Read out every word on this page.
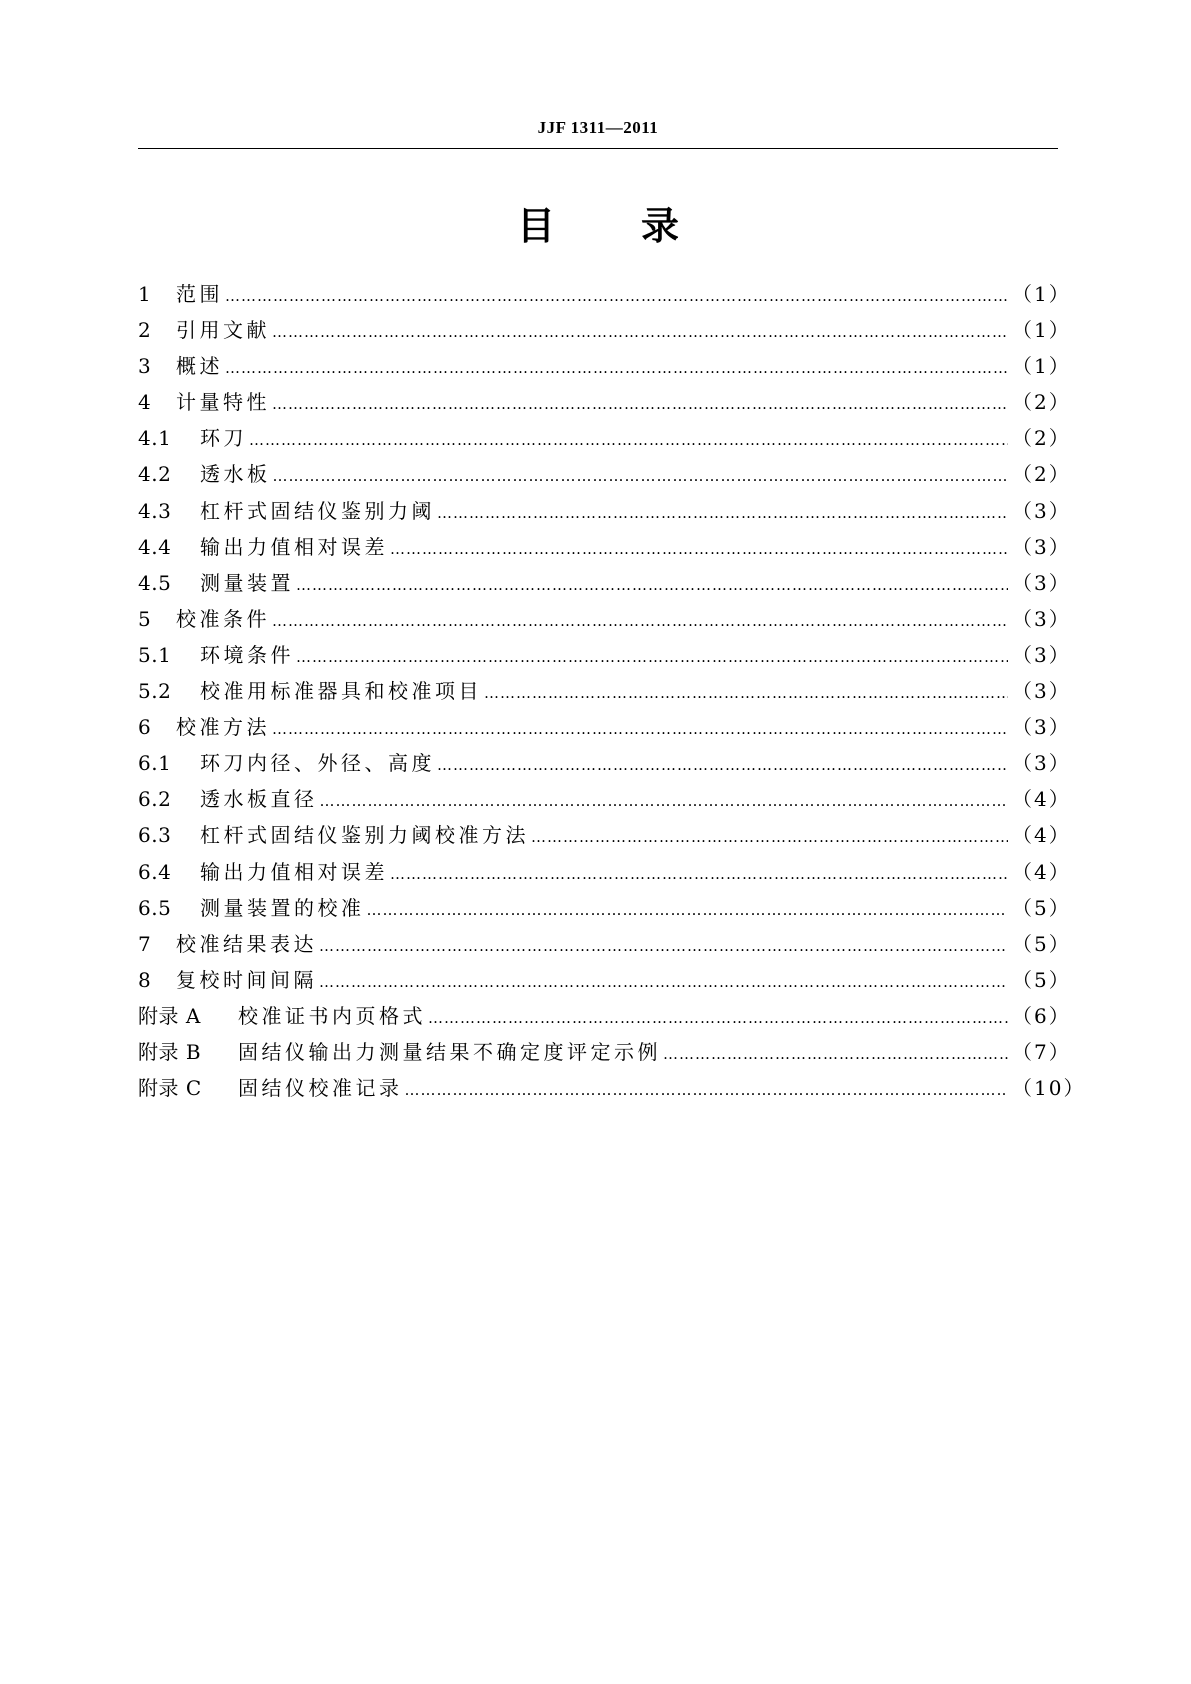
JJF 1311—2011
目 录
1	范围 ………………………………………………………………………………………………………………………………………………………………………………	（1）
2	引用文献 ………………………………………………………………………………………………………………………………………………………………………………	（1）
3	概述 ………………………………………………………………………………………………………………………………………………………………………………	（1）
4	计量特性 ………………………………………………………………………………………………………………………………………………………………………………	（2）
4.1	环刀 ………………………………………………………………………………………………………………………………………………………………………………	（2）
4.2	透水板 ………………………………………………………………………………………………………………………………………………………………………………	（2）
4.3	杠杆式固结仪鉴别力阈 ………………………………………………………………………………………………………………………………………………………………………………	（3）
4.4	输出力值相对误差 ………………………………………………………………………………………………………………………………………………………………………………	（3）
4.5	测量装置 ………………………………………………………………………………………………………………………………………………………………………………	（3）
5	校准条件 ………………………………………………………………………………………………………………………………………………………………………………	（3）
5.1	环境条件 ………………………………………………………………………………………………………………………………………………………………………………	（3）
5.2	校准用标准器具和校准项目 ………………………………………………………………………………………………………………………………………………………………………………	（3）
6	校准方法 ………………………………………………………………………………………………………………………………………………………………………………	（3）
6.1	环刀内径、外径、高度 ………………………………………………………………………………………………………………………………………………………………………………	（3）
6.2	透水板直径 ………………………………………………………………………………………………………………………………………………………………………………	（4）
6.3	杠杆式固结仪鉴别力阈校准方法 ………………………………………………………………………………………………………………………………………………………………………………	（4）
6.4	输出力值相对误差 ………………………………………………………………………………………………………………………………………………………………………………	（4）
6.5	测量装置的校准 ………………………………………………………………………………………………………………………………………………………………………………	（5）
7	校准结果表达 ………………………………………………………………………………………………………………………………………………………………………………	（5）
8	复校时间间隔 ………………………………………………………………………………………………………………………………………………………………………………	（5）
附录 A	校准证书内页格式 ………………………………………………………………………………………………………………………………………………………………………………	（6）
附录 B	固结仪输出力测量结果不确定度评定示例 ………………………………………………………………………………………………………………………………………………………………………………	（7）
附录 C	固结仪校准记录 ………………………………………………………………………………………………………………………………………………………………………………	（10）
